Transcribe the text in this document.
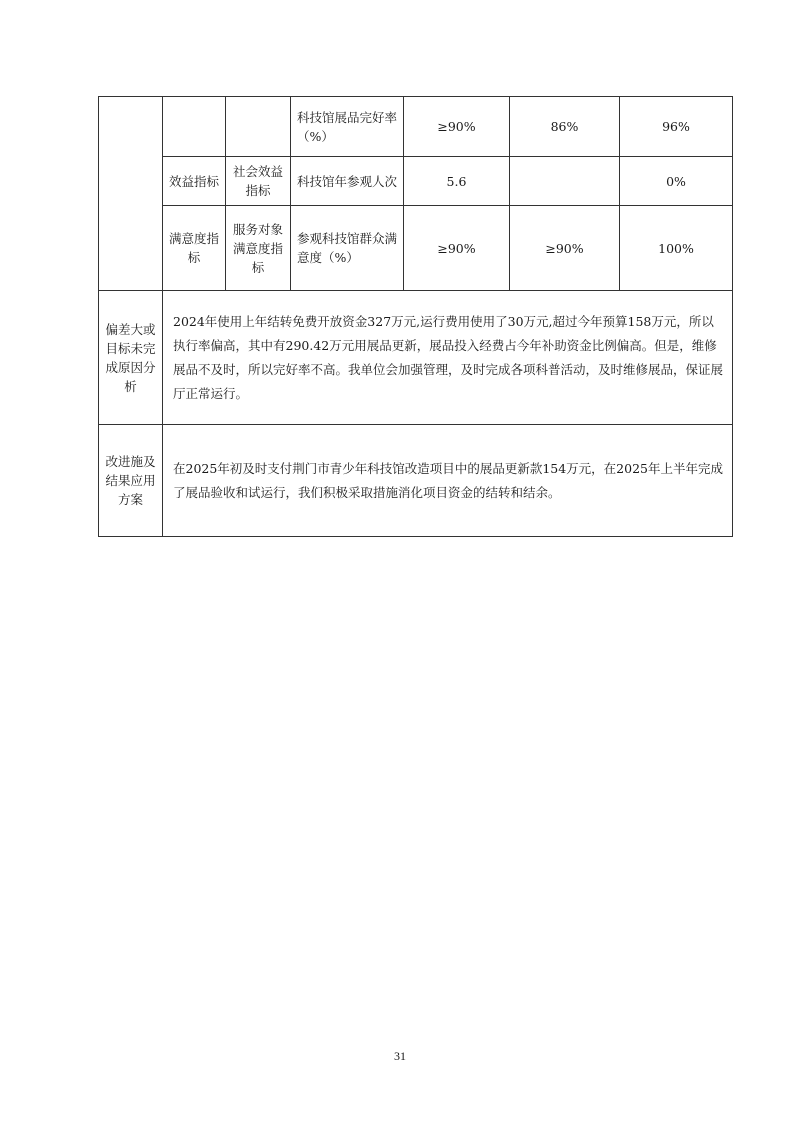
			科技馆展品完好率（%）	≥90%	86%	96%
	效益指标	社会效益指标	科技馆年参观人次	5.6		0%
	满意度指标	服务对象满意度指标	参观科技馆群众满意度（%）	≥90%	≥90%	100%
偏差大或目标未完成原因分析	2024年使用上年结转免费开放资金327万元,运行费用使用了30万元,超过今年预算158万元，所以执行率偏高，其中有290.42万元用展品更新，展品投入经费占今年补助资金比例偏高。但是，维修展品不及时，所以完好率不高。我单位会加强管理，及时完成各项科普活动，及时维修展品，保证展厅正常运行。					
改进施及结果应用方案	在2025年初及时支付荆门市青少年科技馆改造项目中的展品更新款154万元，在2025年上半年完成了展品验收和试运行，我们积极采取措施消化项目资金的结转和结余。					
31
